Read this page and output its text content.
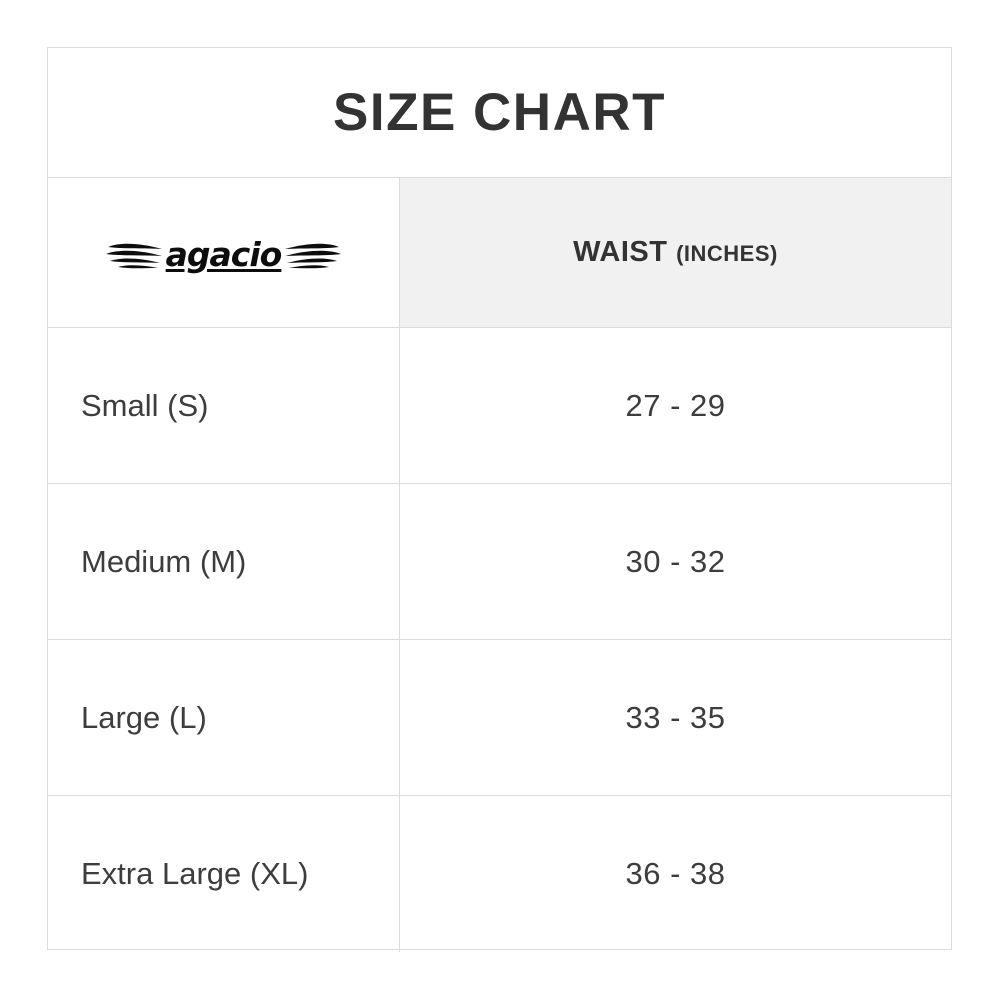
SIZE CHART
agacio	WAIST (INCHES)
Small (S)	27 - 29
Medium (M)	30 - 32
Large (L)	33 - 35
Extra Large (XL)	36 - 38
